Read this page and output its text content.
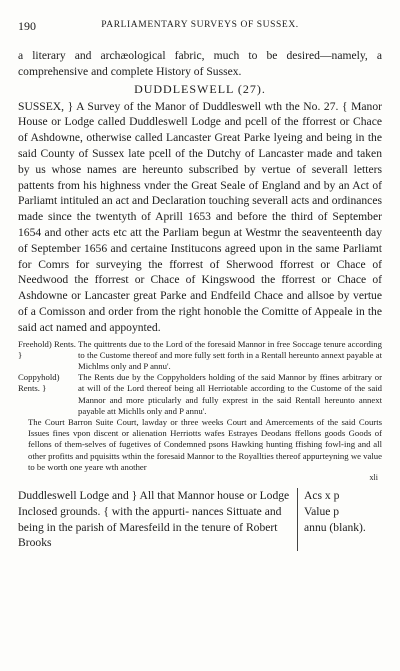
190	PARLIAMENTARY SURVEYS OF SUSSEX.

a literary and archæological fabric, much to be desired—namely, a comprehensive and complete History of Sussex.

DUDDLESWELL (27).

SUSSEX, } A Survey of the Manor of Duddleswell wth the No. 27. { Manor House or Lodge called Duddleswell Lodge and pcell of the fforrest or Chace of Ashdowne, otherwise called Lancaster Great Parke lyeing and being in the said County of Sussex late pcell of the Dutchy of Lancaster made and taken by us whose names are hereunto subscribed by vertue of severall letters pattents from his highness vnder the Great Seale of England and by an Act of Parliamt intituled an act and Declaration touching severall acts and ordinances made since the twentyth of Aprill 1653 and before the third of September 1654 and other acts etc att the Parliam begun at Westmr the seaventeenth day of September 1656 and certaine Institucons agreed upon in the same Parliamt for Comrs for surveying the fforrest of Sherwood fforrest or Chace of Needwood the fforrest or Chace of Kingswood the fforrest or Chace of Ashdowne or Lancaster great Parke and Endfeild Chace and allsoe by vertue of a Comisson and order from the right honoble the Comitte of Appeale in the said act named and appoynted.

Freehold) Rents. }
The quittrents due to the Lord of the foresaid Mannor in free Soccage tenure according to the Custome thereof and more fully sett forth in a Rentall hereunto annext payable at Michlms only and P annu'.
Coppyhold) Rents. }
The Rents due by the Coppyholders holding of the said Mannor by ffines arbitrary or at will of the Lord thereof being all Herriotable according to the Custome of the said Mannor and more pticularly and fully exprest in the said Rentall hereunto annext payable att Michlls only and P annu'.

The Court Barron Suite Court, lawday or three weeks Court and Amercements of the said Courts Issues fines vpon discent or alienation Herriotts wafes Estrayes Deodans ffellons goods Goods of fellons of them-selves of fugetives of Condemned psons Hawking hunting ffishing fowl-ing and all other profitts and pquisitts wthin the foresaid Mannor to the Royallties thereof appurteyning we value to be worth one yeare wth another

xli
Duddleswell Lodge and } All that Mannor house or Lodge Inclosed grounds. { with the appurti- nances Sittuate and being in the parish of Maresfeild in the tenure of Robert Brooks
Acs x p
Value p
annu (blank).
